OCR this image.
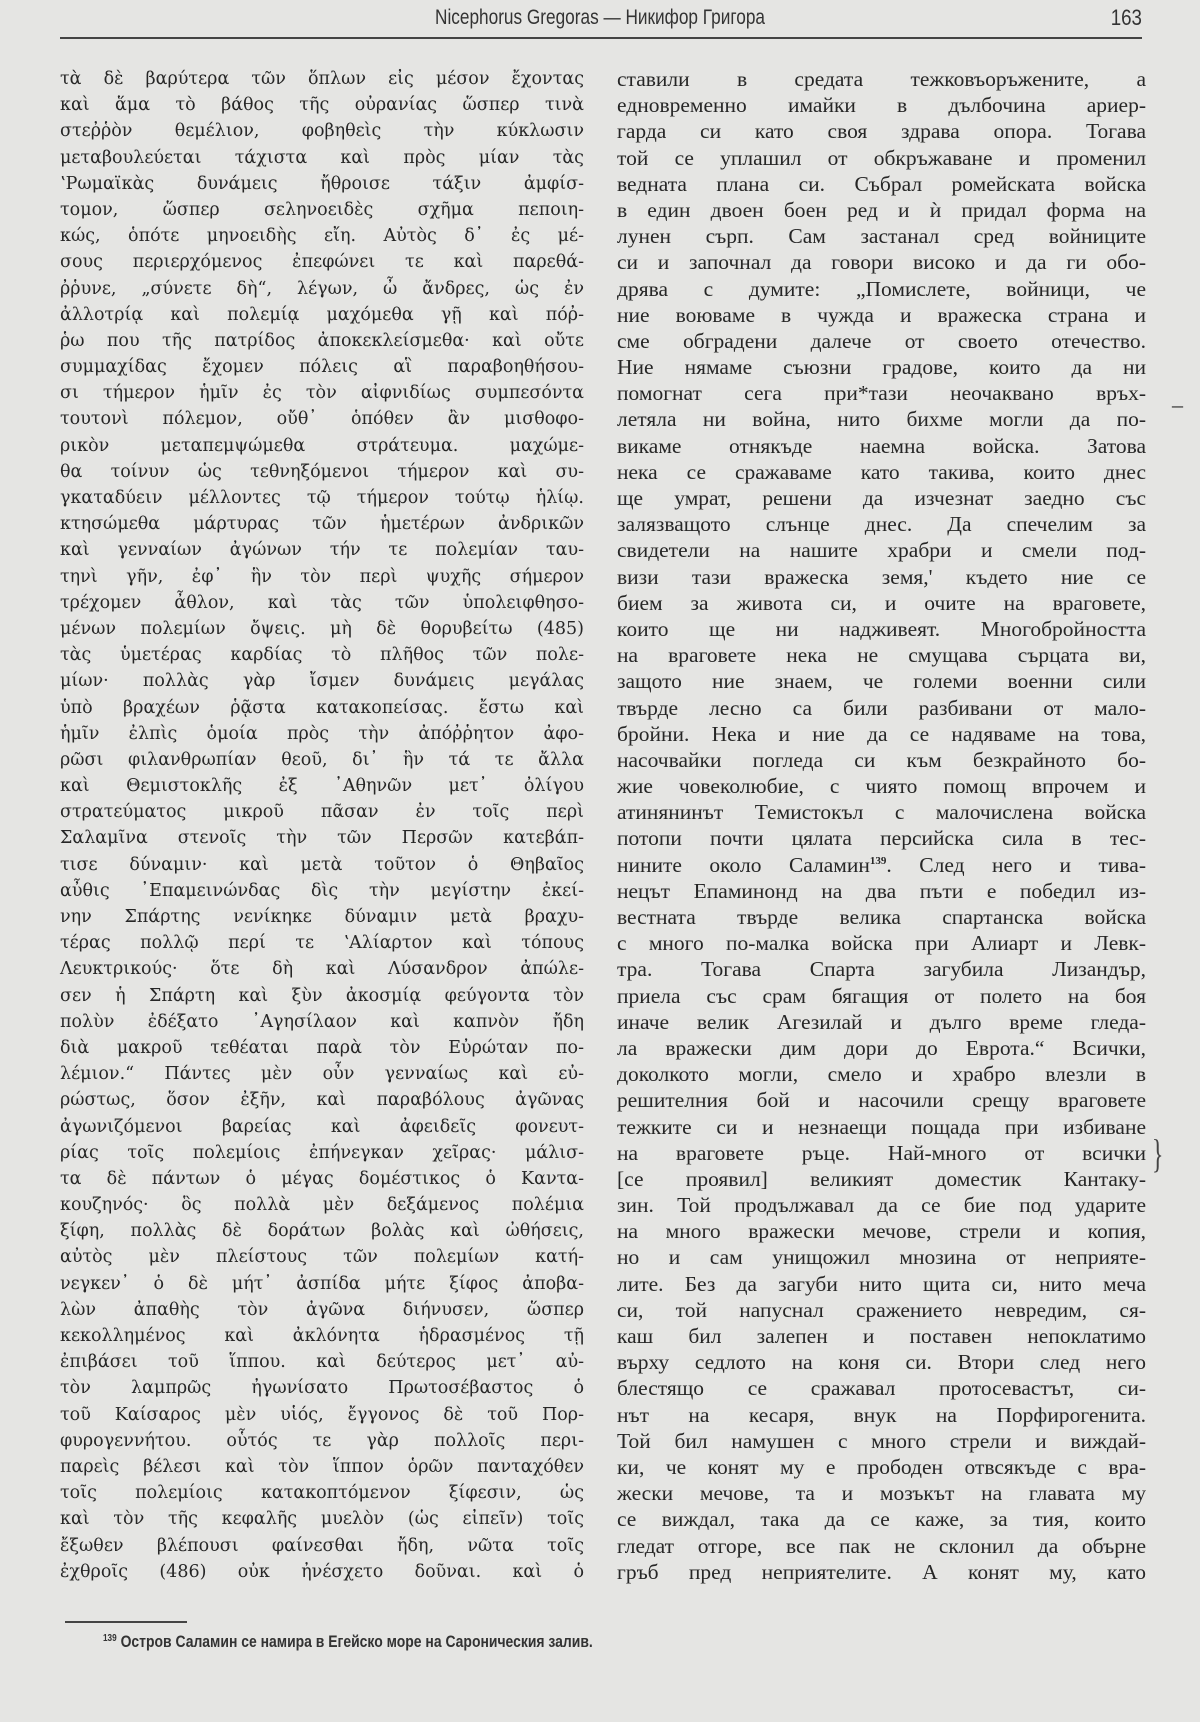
Nicephorus Gregoras — Никифор Григора	163
τὰ δὲ βαρύτερα τῶν ὅπλων εἰς μέσον ἔχοντας
καὶ ἅμα τὸ βάθος τῆς οὐρανίας ὥσπερ τινὰ
στεῤῥὸν θεμέλιον, φοβηθεὶς τὴν κύκλωσιν
μεταβουλεύεται τάχιστα καὶ πρὸς μίαν τὰς
ʽΡωμαϊκὰς δυνάμεις ἤθροισε τάξιν ἀμφίσ-
τομον, ὥσπερ σεληνοειδὲς σχῆμα πεποιη-
κώς, ὁπότε μηνοειδὴς εἴη. Αὐτὸς δ᾿ ἐς μέ-
σους περιερχόμενος ἐπεφώνει τε καὶ παρεθά-
ῤῥυνε, „σύνετε δὴ“, λέγων, ὦ ἄνδρες, ὡς ἐν
ἀλλοτρίᾳ καὶ πολεμίᾳ μαχόμεθα γῇ καὶ πόῤ-
ῥω που τῆς πατρίδος ἀποκεκλείσμεθα· καὶ οὔτε
συμμαχίδας ἔχομεν πόλεις αἳ παραβοηθήσου-
σι τήμερον ἡμῖν ἐς τὸν αἰφνιδίως συμπεσόντα
τουτονὶ πόλεμον, οὔθ᾿ ὁπόθεν ἂν μισθοφο-
ρικὸν μεταπεμψώμεθα στράτευμα. μαχώμε-
θα τοίνυν ὡς τεθνηξόμενοι τήμερον καὶ συ-
γκαταδύειν μέλλοντες τῷ τήμερον τούτῳ ἡλίῳ.
κτησώμεθα μάρτυρας τῶν ἡμετέρων ἀνδρικῶν
καὶ γενναίων ἀγώνων τήν τε πολεμίαν ταυ-
τηνὶ γῆν, ἐφ᾿ ἣν τὸν περὶ ψυχῆς σήμερον
τρέχομεν ἆθλον, καὶ τὰς τῶν ὑπολειφθησο-
μένων πολεμίων ὄψεις. μὴ δὲ θορυβείτω (485)
τὰς ὑμετέρας καρδίας τὸ πλῆθος τῶν πολε-
μίων· πολλὰς γὰρ ἴσμεν δυνάμεις μεγάλας
ὑπὸ βραχέων ῥᾷστα κατακοπείσας. ἔστω καὶ
ἡμῖν ἐλπὶς ὁμοία πρὸς τὴν ἀπόῤῥητον ἀφο-
ρῶσι φιλανθρωπίαν θεοῦ, δι᾿ ἣν τά τε ἄλλα
καὶ Θεμιστοκλῆς ἐξ ᾿Αθηνῶν μετ᾿ ὀλίγου
στρατεύματος μικροῦ πᾶσαν ἐν τοῖς περὶ
Σαλαμῖνα στενοῖς τὴν τῶν Περσῶν κατεβάπ-
τισε δύναμιν· καὶ μετὰ τοῦτον ὁ Θηβαῖος
αὖθις ᾿Επαμεινώνδας δὶς τὴν μεγίστην ἐκεί-
νην Σπάρτης νενίκηκε δύναμιν μετὰ βραχυ-
τέρας πολλῷ περί τε ʽΑλίαρτον καὶ τόπους
Λευκτρικούς· ὅτε δὴ καὶ Λύσανδρον ἀπώλε-
σεν ἡ Σπάρτη καὶ ξὺν ἀκοσμίᾳ φεύγοντα τὸν
πολὺν ἐδέξατο ᾿Αγησίλαον καὶ καπνὸν ἤδη
διὰ μακροῦ τεθέαται παρὰ τὸν Εὐρώταν πο-
λέμιον.“ Πάντες μὲν οὖν γενναίως καὶ εὐ-
ρώστως, ὅσον ἐξῆν, καὶ παραβόλους ἀγῶνας
ἀγωνιζόμενοι βαρείας καὶ ἀφειδεῖς φονευτ-
ρίας τοῖς πολεμίοις ἐπήνεγκαν χεῖρας· μάλισ-
τα δὲ πάντων ὁ μέγας δομέστικος ὁ Καντα-
κουζηνός· ὃς πολλὰ μὲν δεξάμενος πολέμια
ξίφη, πολλὰς δὲ δοράτων βολὰς καὶ ὠθήσεις,
αὐτὸς μὲν πλείστους τῶν πολεμίων κατή-
νεγκεν᾿ ὁ δὲ μήτ᾿ ἀσπίδα μήτε ξίφος ἀποβα-
λὼν ἀπαθὴς τὸν ἀγῶνα διήνυσεν, ὥσπερ
κεκολλημένος καὶ ἀκλόνητα ἡδρασμένος τῇ
ἐπιβάσει τοῦ ἵππου. καὶ δεύτερος μετ᾿ αὐ-
τὸν λαμπρῶς ἠγωνίσατο Πρωτοσέβαστος ὁ
τοῦ Καίσαρος μὲν υἱός, ἔγγονος δὲ τοῦ Πορ-
φυρογεννήτου. οὗτός τε γὰρ πολλοῖς περι-
παρεὶς βέλεσι καὶ τὸν ἵππον ὁρῶν πανταχόθεν
τοῖς πολεμίοις κατακοπτόμενον ξίφεσιν, ὡς
καὶ τὸν τῆς κεφαλῆς μυελὸν (ὡς εἰπεῖν) τοῖς
ἔξωθεν βλέπουσι φαίνεσθαι ἤδη, νῶτα τοῖς
ἐχθροῖς (486) οὐκ ἠνέσχετο δοῦναι. καὶ ὁ
ставили в средата тежковъоръжените, а
едновременно имайки в дълбочина ариер-
гарда си като своя здрава опора. Тогава
той се уплашил от обкръжаване и променил
ведната плана си. Събрал ромейската войска
в един двоен боен ред и ѝ придал форма на
лунен сърп. Сам застанал сред войниците
си и започнал да говори високо и да ги обо-
дрява с думите: „Помислете, войници, че
ние воюваме в чужда и вражеска страна и
сме обградени далече от своето отечество.
Ние нямаме съюзни градове, които да ни
помогнат сега при*тази неочаквано връх-
летяла ни война, нито бихме могли да по-
викаме отнякъде наемна войска. Затова
нека се сражаваме като такива, които днес
ще умрат, решени да изчезнат заедно със
залязващото слънце днес. Да спечелим за
свидетели на нашите храбри и смели под-
визи тази вражеска земя,' където ние се
бием за живота си, и очите на враговете,
които ще ни надживеят. Многобройността
на враговете нека не смущава сърцата ви,
защото ние знаем, че големи военни сили
твърде лесно са били разбивани от мало-
бройни. Нека и ние да се надяваме на това,
насочвайки погледа си към безкрайното бо-
жие човеколюбие, с чиято помощ впрочем и
атинянинът Темистокъл с малочислена войска
потопи почти цялата персийска сила в тес-
нините около Саламин$^{139}$. След него и тива-
нецът Епаминонд на два пъти е победил из-
вестната твърде велика спартанска войска
с много по-малка войска при Алиарт и Левк-
тра. Тогава Спарта загубила Лизандър,
приела със срам бягащия от полето на боя
иначе велик Агезилай и дълго време гледа-
ла вражески дим дори до Еврота.“ Всички,
доколкото могли, смело и храбро влезли в
решителния бой и насочили срещу враговете
тежките си и незнаещи пощада при избиване
на враговете ръце. Най-много от всички
[се проявил] великият доместик Кантаку-
зин. Той продължавал да се бие под ударите
на много вражески мечове, стрели и копия,
но и сам унищожил мнозина от неприяте-
лите. Без да загуби нито щита си, нито меча
си, той напуснал сражението невредим, ся-
каш бил залепен и поставен непоклатимо
върху седлото на коня си. Втори след него
блестящо се сражавал протосевастът, си-
нът на кесаря, внук на Порфирогенита.
Той бил намушен с много стрели и виждай-
ки, че конят му е прободен отвсякъде с вра-
жески мечове, та и мозъкът на главата му
се виждал, така да се каже, за тия, които
гледат отгоре, все пак не склонил да обърне
гръб пред неприятелите. А конят му, като
–
}
$^{139}$ Остров Саламин се намира в Егейско море на Сароническия залив.
